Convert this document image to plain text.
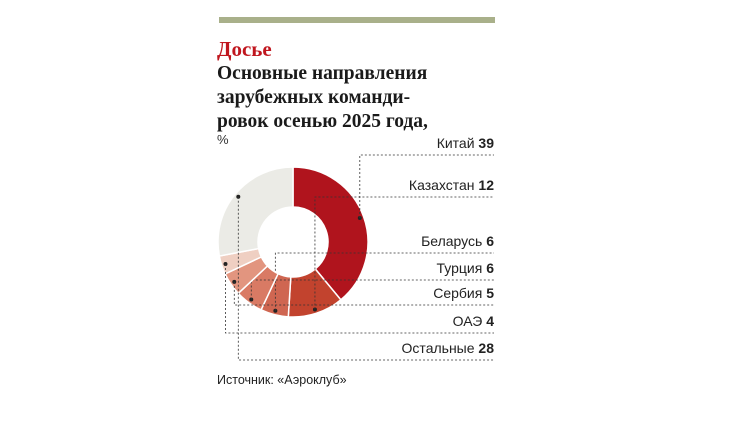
Досье
Основные направления
зарубежных команди-
ровок осенью 2025 года,
%	Китай 39
Казахстан 12
Беларусь 6
Турция 6
Сербия 5
ОАЭ 4
Остальные 28
Источник: «Аэроклуб»
